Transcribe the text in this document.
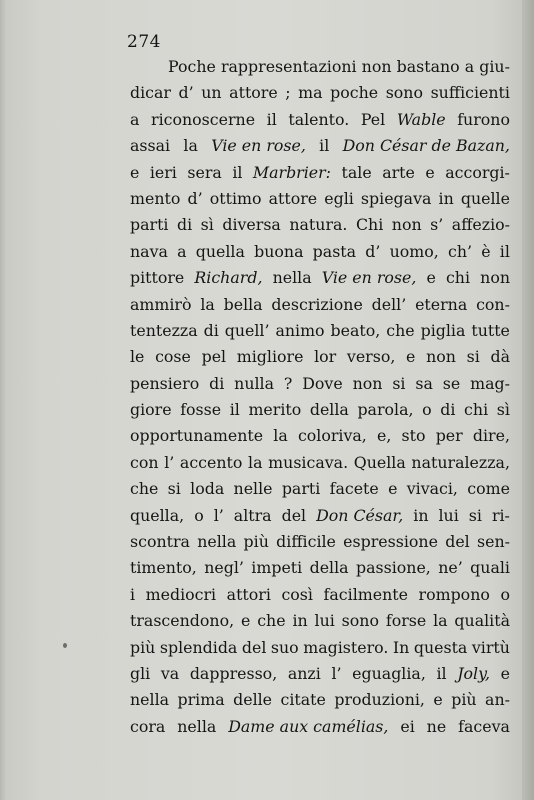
274
Poche rappresentazioni non bastano a giu-
dicar d’ un attore ; ma poche sono sufficienti
a riconoscerne il talento. Pel Wable furono
assai la Vie en rose, il Don César de Bazan,
e ieri sera il Marbrier: tale arte e accorgi-
mento d’ ottimo attore egli spiegava in quelle
parti di sì diversa natura. Chi non s’ affezio-
nava a quella buona pasta d’ uomo, ch’ è il
pittore Richard, nella Vie en rose, e chi non
ammirò la bella descrizione dell’ eterna con-
tentezza di quell’ animo beato, che piglia tutte
le cose pel migliore lor verso, e non si dà
pensiero di nulla ? Dove non si sa se mag-
giore fosse il merito della parola, o di chi sì
opportunamente la coloriva, e, sto per dire,
con l’ accento la musicava. Quella naturalezza,
che si loda nelle parti facete e vivaci, come
quella, o l’ altra del Don César, in lui si ri-
scontra nella più difficile espressione del sen-
timento, negl’ impeti della passione, ne’ quali
i mediocri attori così facilmente rompono o
trascendono, e che in lui sono forse la qualità
più splendida del suo magistero. In questa virtù
gli va dappresso, anzi l’ eguaglia, il Joly, e
nella prima delle citate produzioni, e più an-
cora nella Dame aux camélias, ei ne faceva
